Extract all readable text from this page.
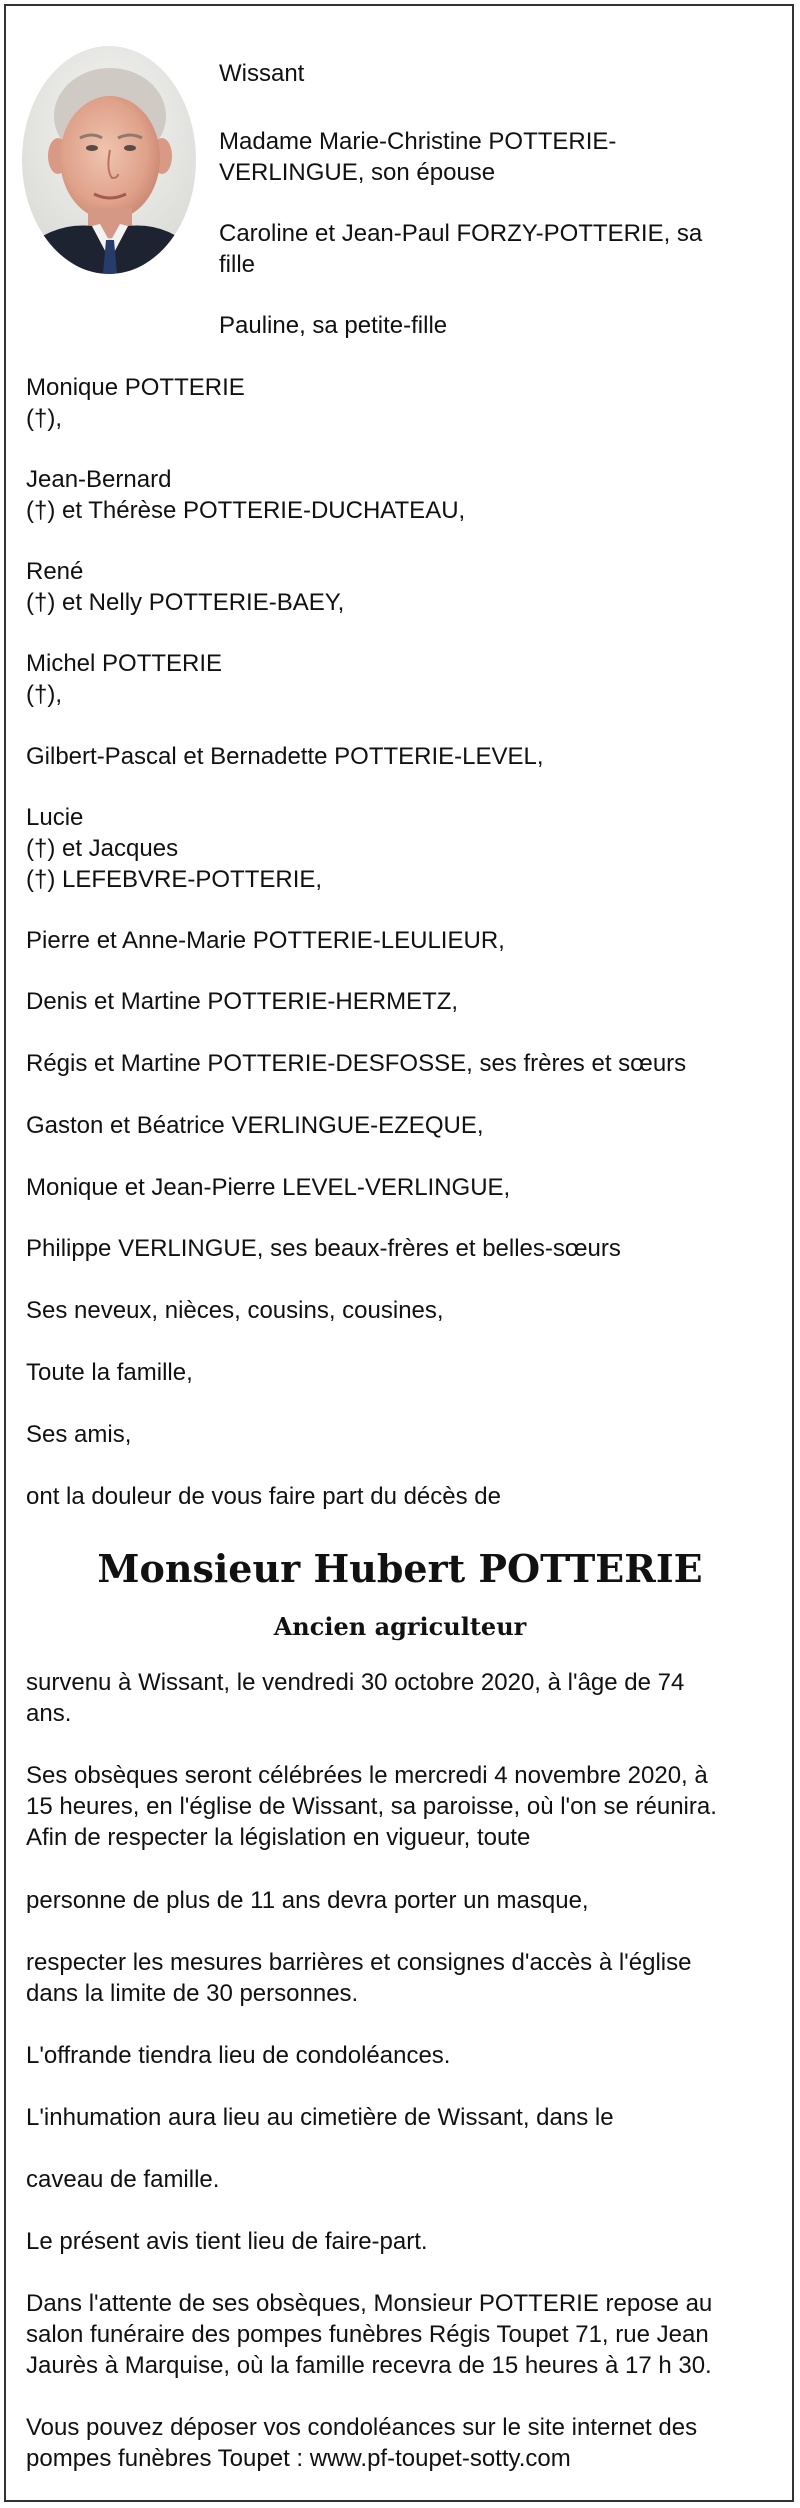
Wissant

Madame Marie-Christine POTTERIE-

VERLINGUE, son épouse

Caroline et Jean-Paul FORZY-POTTERIE, sa

fille

Pauline, sa petite-fille

Monique POTTERIE

(†),

Jean-Bernard

(†) et Thérèse POTTERIE-DUCHATEAU,

René

(†) et Nelly POTTERIE-BAEY,

Michel POTTERIE

(†),

Gilbert-Pascal et Bernadette POTTERIE-LEVEL,

Lucie

(†) et Jacques

(†) LEFEBVRE-POTTERIE,

Pierre et Anne-Marie POTTERIE-LEULIEUR,

Denis et Martine POTTERIE-HERMETZ,

Régis et Martine POTTERIE-DESFOSSE, ses frères et sœurs

Gaston et Béatrice VERLINGUE-EZEQUE,

Monique et Jean-Pierre LEVEL-VERLINGUE,

Philippe VERLINGUE, ses beaux-frères et belles-sœurs

Ses neveux, nièces, cousins, cousines,

Toute la famille,

Ses amis,

ont la douleur de vous faire part du décès de

Monsieur Hubert POTTERIE
Ancien agriculteur

survenu à Wissant, le vendredi 30 octobre 2020, à l'âge de 74

ans.

Ses obsèques seront célébrées le mercredi 4 novembre 2020, à

15 heures, en l'église de Wissant, sa paroisse, où l'on se réunira.

Afin de respecter la législation en vigueur, toute

personne de plus de 11 ans devra porter un masque,

respecter les mesures barrières et consignes d'accès à l'église

dans la limite de 30 personnes.

L'offrande tiendra lieu de condoléances.

L'inhumation aura lieu au cimetière de Wissant, dans le

caveau de famille.

Le présent avis tient lieu de faire-part.

Dans l'attente de ses obsèques, Monsieur POTTERIE repose au

salon funéraire des pompes funèbres Régis Toupet 71, rue Jean

Jaurès à Marquise, où la famille recevra de 15 heures à 17 h 30.

Vous pouvez déposer vos condoléances sur le site internet des

pompes funèbres Toupet : www.pf-toupet-sotty.com
